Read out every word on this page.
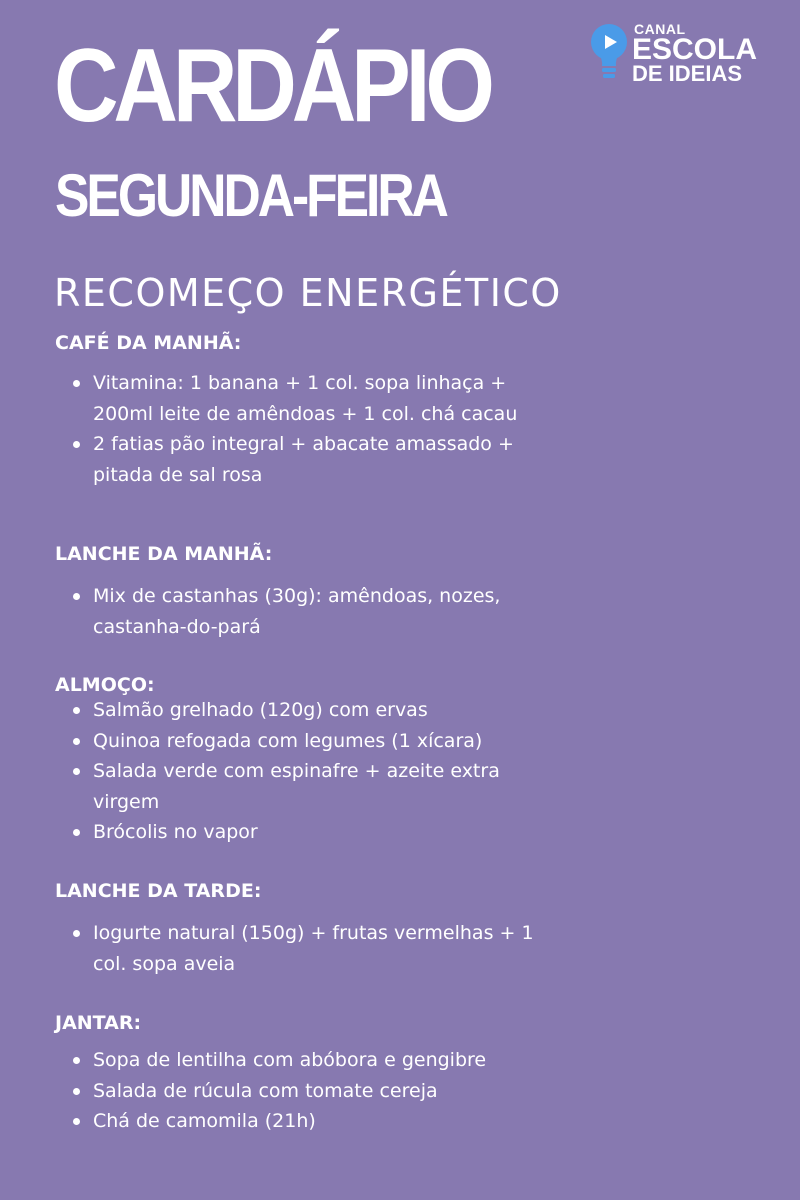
CARDÁPIO
SEGUNDA-FEIRA
RECOMEÇO ENERGÉTICO
CANAL
ESCOLA
DE IDEIAS
CAFÉ DA MANHÃ:
Vitamina: 1 banana + 1 col. sopa linhaça + 200ml leite de amêndoas + 1 col. chá cacau
2 fatias pão integral + abacate amassado + pitada de sal rosa
LANCHE DA MANHÃ:
Mix de castanhas (30g): amêndoas, nozes, castanha-do-pará
ALMOÇO:
Salmão grelhado (120g) com ervas
Quinoa refogada com legumes (1 xícara)
Salada verde com espinafre + azeite extra virgem
Brócolis no vapor
LANCHE DA TARDE:
Iogurte natural (150g) + frutas vermelhas + 1 col. sopa aveia
JANTAR:
Sopa de lentilha com abóbora e gengibre
Salada de rúcula com tomate cereja
Chá de camomila (21h)
